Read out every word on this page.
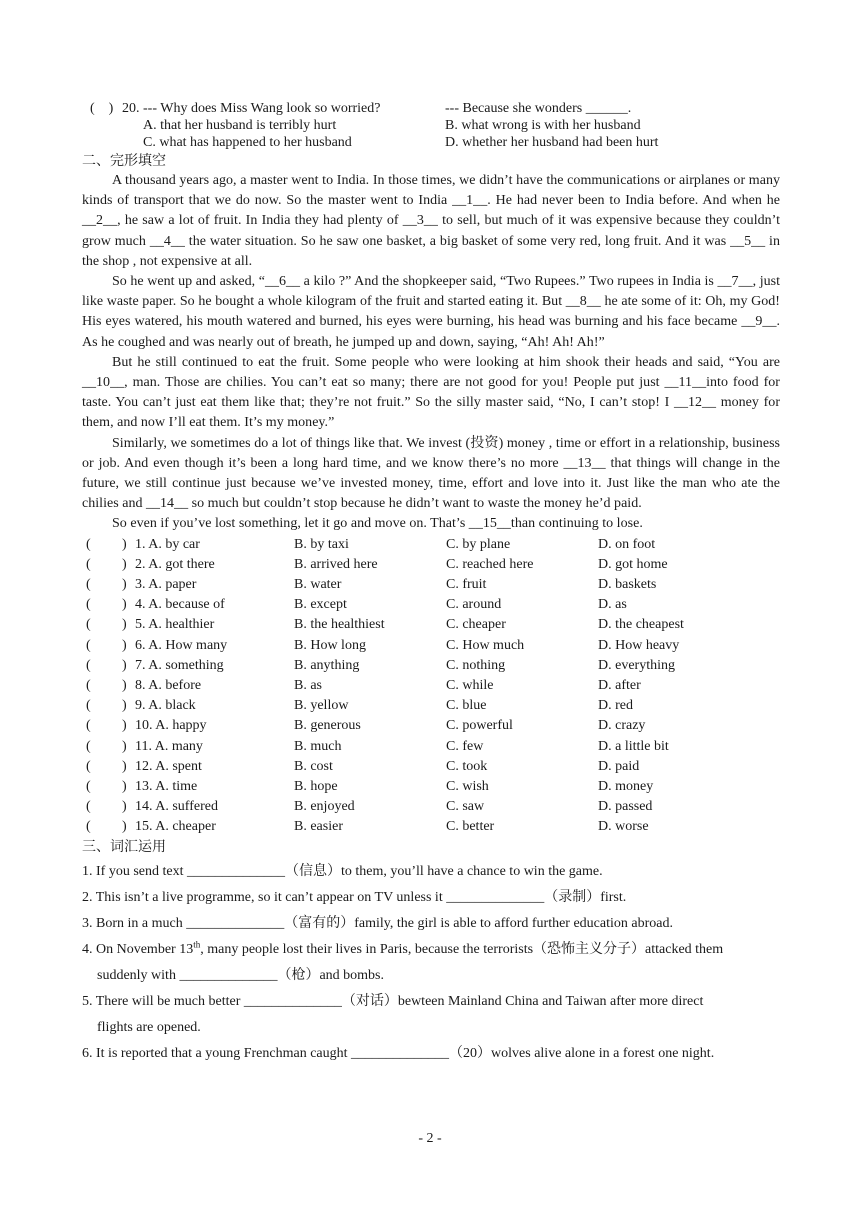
(　) 20. --- Why does Miss Wang look so worried?	--- Because she wonders ______.
A. that her husband is terribly hurt	B. what wrong is with her husband
C. what has happened to her husband	D. whether her husband had been hurt
二、完形填空

A thousand years ago, a master went to India. In those times, we didn’t have the communications or airplanes or many kinds of transport that we do now. So the master went to India __1__. He had never been to India before. And when he __2__, he saw a lot of fruit. In India they had plenty of __3__ to sell, but much of it was expensive because they couldn’t grow much __4__ the water situation. So he saw one basket, a big basket of some very red, long fruit. And it was __5__ in the shop , not expensive at all.

So he went up and asked, “__6__ a kilo ?” And the shopkeeper said, “Two Rupees.” Two rupees in India is __7__, just like waste paper. So he bought a whole kilogram of the fruit and started eating it. But __8__ he ate some of it: Oh, my God! His eyes watered, his mouth watered and burned, his eyes were burning, his head was burning and his face became __9__. As he coughed and was nearly out of breath, he jumped up and down, saying, “Ah! Ah! Ah!”

But he still continued to eat the fruit. Some people who were looking at him shook their heads and said, “You are __10__, man. Those are chilies. You can’t eat so many; there are not good for you! People put just __11__into food for taste. You can’t just eat them like that; they’re not fruit.” So the silly master said, “No, I can’t stop! I __12__ money for them, and now I’ll eat them. It’s my money.”

Similarly, we sometimes do a lot of things like that. We invest (投资) money , time or effort in a relationship, business or job. And even though it’s been a long hard time, and we know there’s no more __13__ that things will change in the future, we still continue just because we’ve invested money, time, effort and love into it. Just like the man who ate the chilies and __14__ so much but couldn’t stop because he didn’t want to waste the money he’d paid.

So even if you’ve lost something, let it go and move on. That’s __15__than continuing to lose.

( ) 1. A. by car	B. by taxi	C. by plane	D. on foot
( ) 2. A. got there	B. arrived here	C. reached here	D. got home
( ) 3. A. paper	B. water	C. fruit	D. baskets
( ) 4. A. because of	B. except	C. around	D. as
( ) 5. A. healthier	B. the healthiest	C. cheaper	D. the cheapest
( ) 6. A. How many	B. How long	C. How much	D. How heavy
( ) 7. A. something	B. anything	C. nothing	D. everything
( ) 8. A. before	B. as	C. while	D. after
( ) 9. A. black	B. yellow	C. blue	D. red
( ) 10. A. happy	B. generous	C. powerful	D. crazy
( ) 11. A. many	B. much	C. few	D. a little bit
( ) 12. A. spent	B. cost	C. took	D. paid
( ) 13. A. time	B. hope	C. wish	D. money
( ) 14. A. suffered	B. enjoyed	C. saw	D. passed
( ) 15. A. cheaper	B. easier	C. better	D. worse
三、词汇运用
1. If you send text ______________（信息）to them, you’ll have a chance to win the game.
2. This isn’t a live programme, so it can’t appear on TV unless it ______________（录制）first.
3. Born in a much ______________（富有的）family, the girl is able to afford further education abroad.
4. On November 13th, many people lost their lives in Paris, because the terrorists（恐怖主义分子）attacked them
suddenly with ______________（枪）and bombs.
5. There will be much better ______________（对话）bewteen Mainland China and Taiwan after more direct
flights are opened.
6. It is reported that a young Frenchman caught ______________（20）wolves alive alone in a forest one night.
- 2 -
